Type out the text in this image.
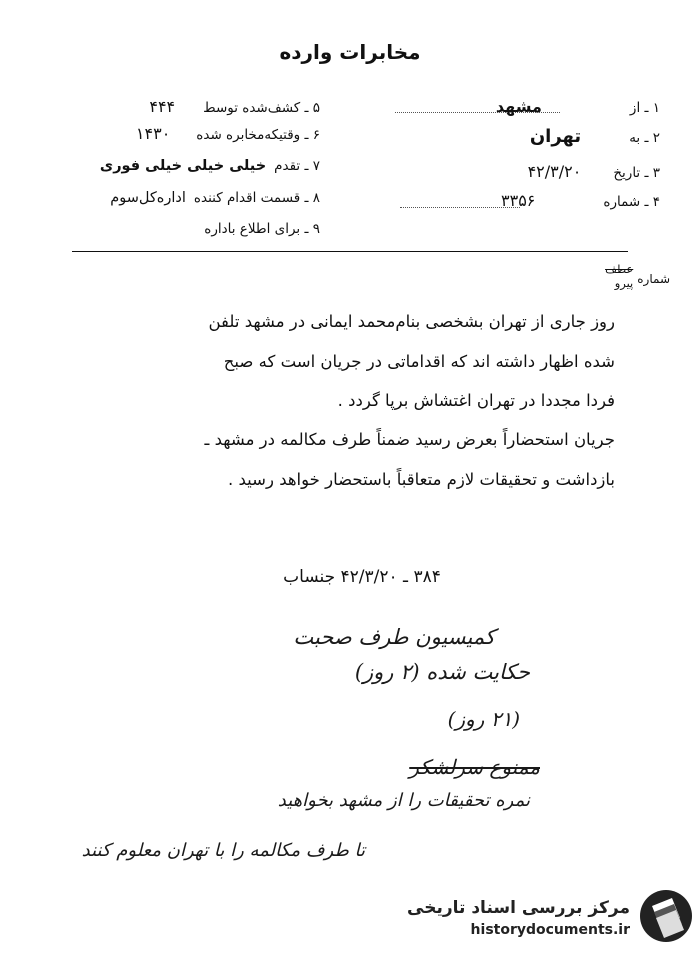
مخابرات وارده
۱ ـ از
مشهد
۲ ـ به
تهران
۳ ـ تاریخ
۴۲/۳/۲۰
۴ ـ شماره
۳۳۵۶
۵ ـ کشف‌شده توسط
۴۴۴
۶ ـ وقتیکه‌مخابره شده
۱۴۳۰
۷ ـ تقدم
خیلی خیلی خیلی فوری
۸ ـ قسمت اقدام کننده
اداره‌کل‌سوم
۹ ـ برای اطلاع باداره
شماره
عطف
پیرو
روز جاری از تهران بشخصی بنام‌محمد ایمانی در مشهد تلفن
شده اظهار داشته اند که اقداماتی در جریان است که صبح
فردا مجددا در تهران اغتشاش برپا گردد .
جریان استحضاراً بعرض رسید ضمناً طرف مکالمه در مشهد ـ
بازداشت و تحقیقات لازم متعاقباً باستحضار خواهد رسید .
۳۸۴ ـ ۴۲/۳/۲۰ جنساب
کمیسیون طرف صحبت
حکایت شده (۲ روز)
(۲۱ روز)
ممنوع سرلشکر
نمره تحقیقات را از مشهد بخواهید
تا طرف مکالمه را با تهران معلوم کنند
مرکز بررسی اسناد تاریخی
historydocuments.ir
